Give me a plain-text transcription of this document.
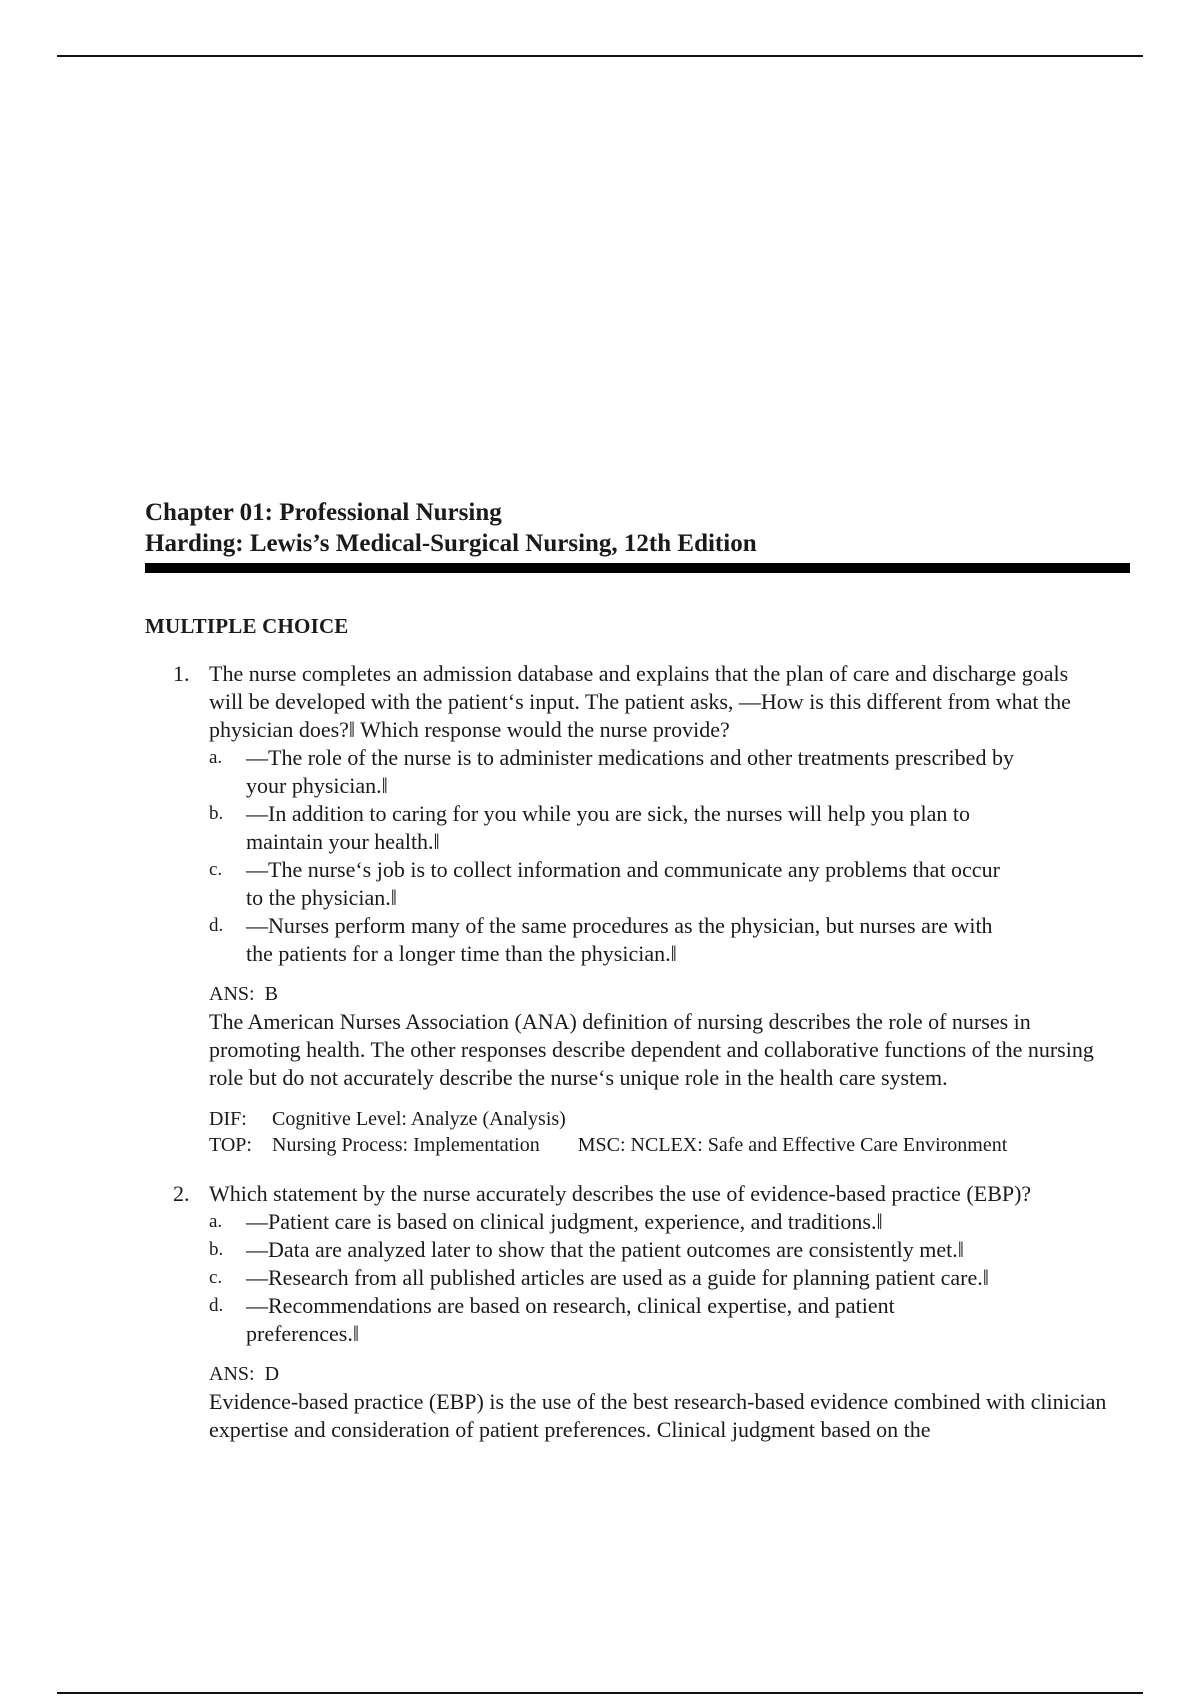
Chapter 01: Professional Nursing
Harding: Lewis’s Medical-Surgical Nursing, 12th Edition
MULTIPLE CHOICE
1. The nurse completes an admission database and explains that the plan of care and discharge goals will be developed with the patient‘s input. The patient asks, ―How is this different from what the physician does?‖ Which response would the nurse provide?

a. ―The role of the nurse is to administer medications and other treatments prescribed by your physician.‖
b. ―In addition to caring for you while you are sick, the nurses will help you plan to maintain your health.‖
c. ―The nurse‘s job is to collect information and communicate any problems that occur to the physician.‖
d. ―Nurses perform many of the same procedures as the physician, but nurses are with the patients for a longer time than the physician.‖
ANS: B
The American Nurses Association (ANA) definition of nursing describes the role of nurses in promoting health. The other responses describe dependent and collaborative functions of the nursing role but do not accurately describe the nurse‘s unique role in the health care system.
DIF:	Cognitive Level: Analyze (Analysis)
TOP:	Nursing Process: Implementation MSC:
NCLEX: Safe and Effective Care Environment
2. Which statement by the nurse accurately describes the use of evidence-based practice (EBP)?

a. ―Patient care is based on clinical judgment, experience, and traditions.‖
b. ―Data are analyzed later to show that the patient outcomes are consistently met.‖
c. ―Research from all published articles are used as a guide for planning patient care.‖
d. ―Recommendations are based on research, clinical expertise, and patient preferences.‖
ANS: D
Evidence-based practice (EBP) is the use of the best research-based evidence combined with clinician expertise and consideration of patient preferences. Clinical judgment based on the
